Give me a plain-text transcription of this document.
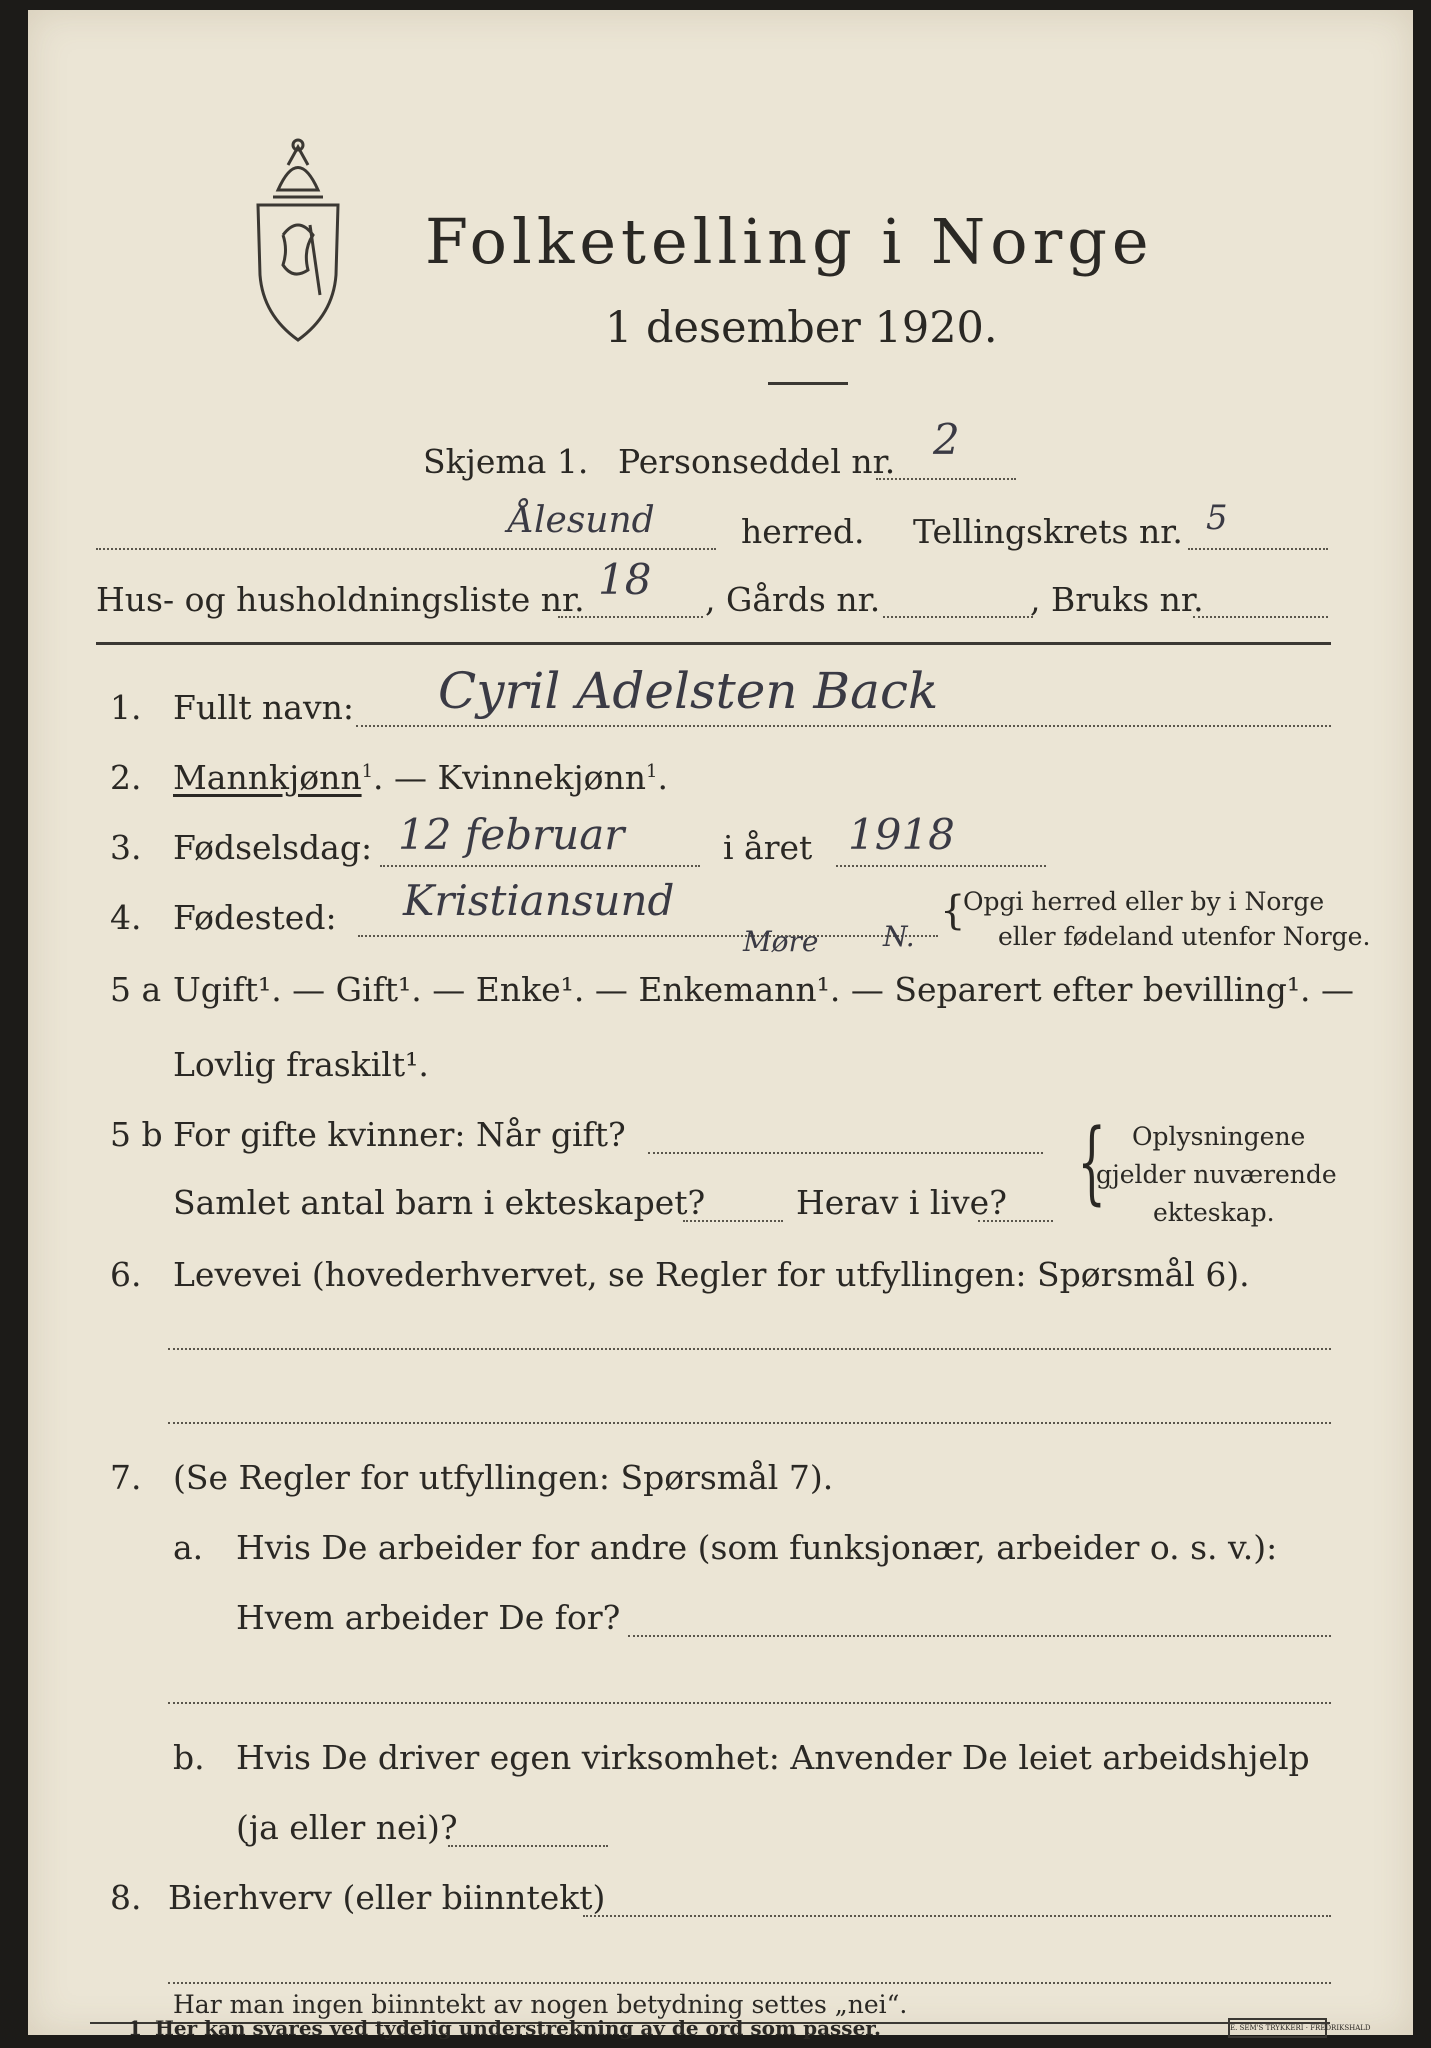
Folketelling i Norge
1 desember 1920.
Skjema 1. Personseddel nr. 2
Ålesund	herred. Tellingskrets nr. 5
Hus- og husholdningsliste nr. 18 , Gårds nr.	, Bruks nr.
1. Fullt navn: Cyril Adelsten Back
2. Mannkjønn$^1$. — Kvinnekjønn$^1$.
3. Fødselsdag: 12 februar	i året 1918
4. Fødested: Kristiansund
Møre N.
{
Opgi herred eller by i Norge
eller fødeland utenfor Norge.
5 a Ugift¹. — Gift¹. — Enke¹. — Enkemann¹. — Separert efter bevilling¹. —
Lovlig fraskilt¹.
5 b For gifte kvinner: Når gift?
Samlet antal barn i ekteskapet?	Herav i live? { Oplysningene
gjelder nuværende
ekteskap.
6. Levevei (hovederhvervet, se Regler for utfyllingen: Spørsmål 6).
7. (Se Regler for utfyllingen: Spørsmål 7).
a. Hvis De arbeider for andre (som funksjonær, arbeider o. s. v.):
Hvem arbeider De for?
b. Hvis De driver egen virksomhet: Anvender De leiet arbeidshjelp
(ja eller nei)?
8. Bierhverv (eller biinntekt)
Har man ingen biinntekt av nogen betydning settes „nei“.
1 Her kan svares ved tydelig understrekning av de ord som passer.	E. SEM'S TRYKKERI · FREDRIKSHALD
